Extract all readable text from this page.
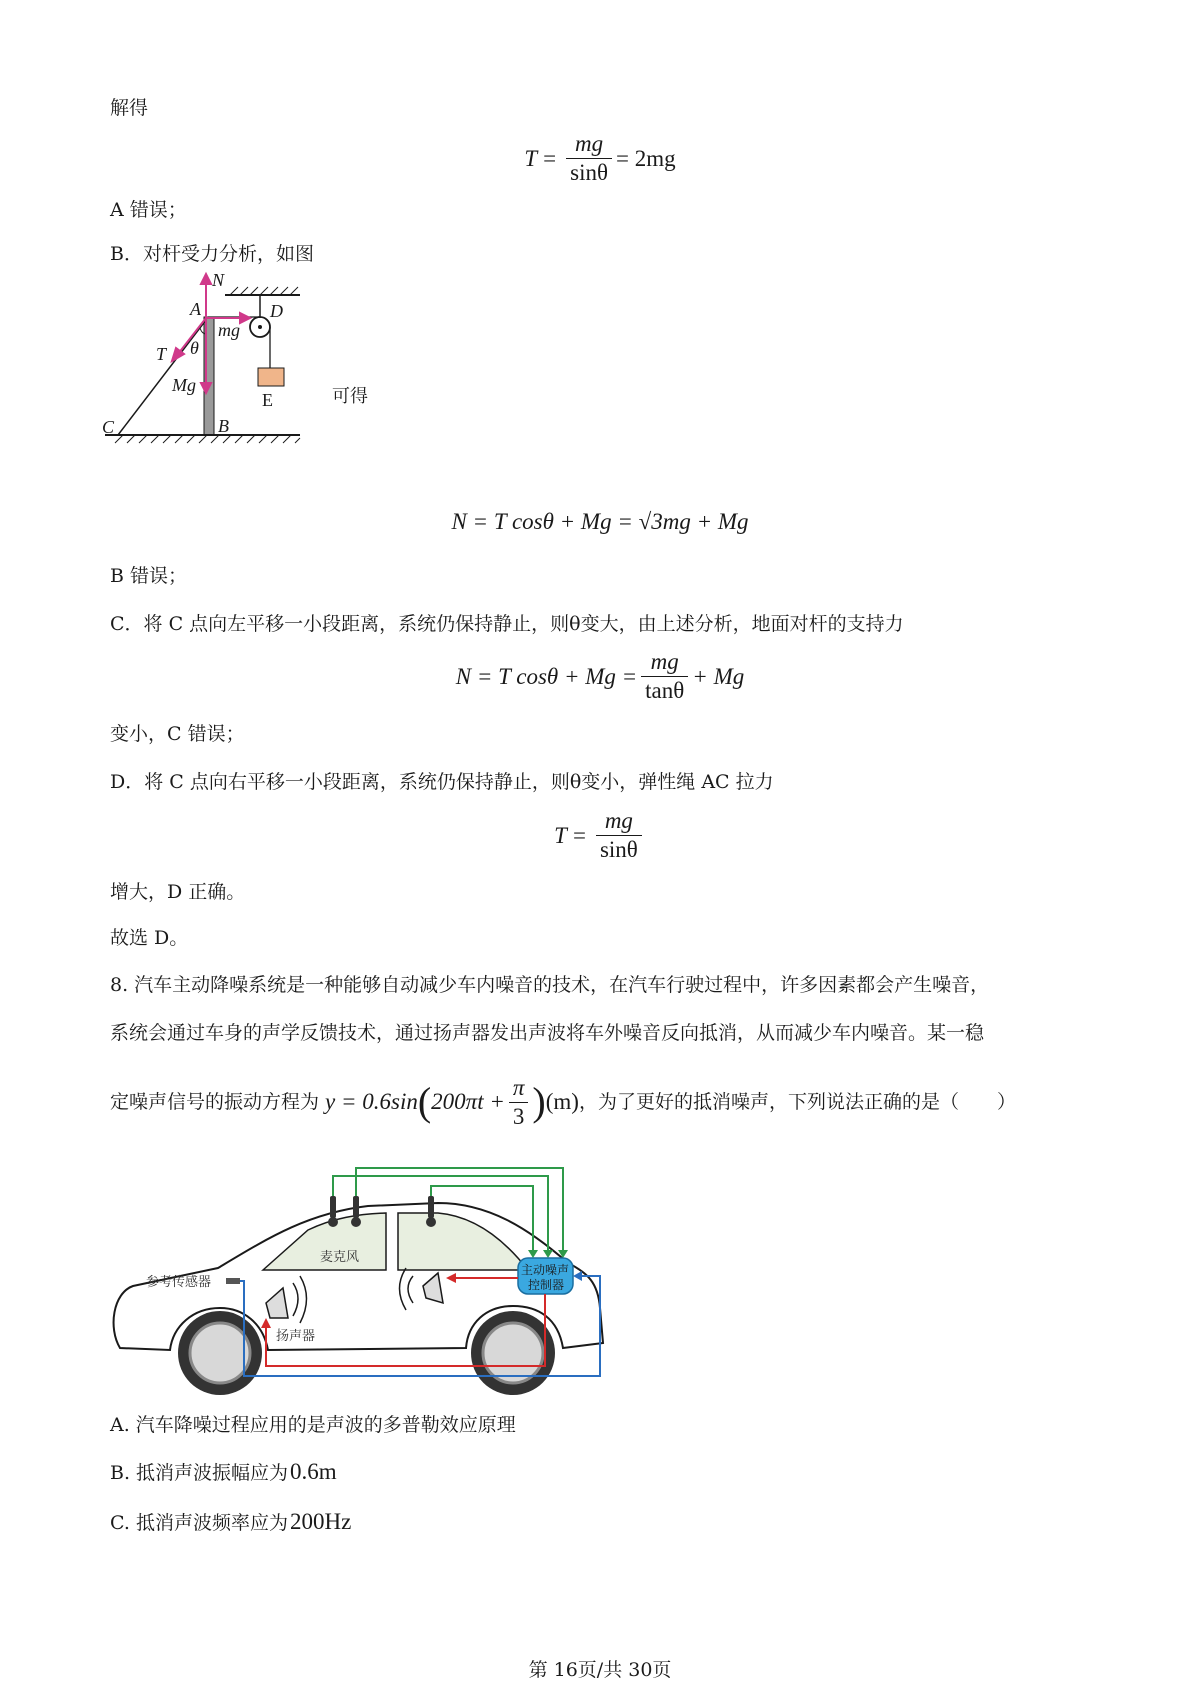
解得
$T = \frac{mg}{\sin\theta} = 2mg$
A 错误；
B．对杆受力分析，如图
N
A	D
mg
T θ
Mg
C	B
E	可得
N = T cosθ + Mg = √3mg + Mg
B 错误；
C．将 C 点向左平移一小段距离，系统仍保持静止，则θ变大，由上述分析，地面对杆的支持力
N = T $\cos\theta + Mg = \frac{mg}{\tan\theta} + Mg$
变小，C 错误；
D．将 C 点向右平移一小段距离，系统仍保持静止，则θ变小，弹性绳 AC 拉力
$T = \frac{mg}{\sin\theta}$
增大，D 正确。
故选 D。
8. 汽车主动降噪系统是一种能够自动减少车内噪音的技术，在汽车行驶过程中，许多因素都会产生噪音，
系统会通过车身的声学反馈技术，通过扬声器发出声波将车外噪音反向抵消，从而减少车内噪音。某一稳
定噪声信号的振动方程为 y = 0.6sin ( $200\pi t + \frac{\pi}{3}$ ) (m) ，为了更好的抵消噪声，下列说法正确的是（　　）
麦克风
主动噪声
控制器
扬声器
参考传感器
A. 汽车降噪过程应用的是声波的多普勒效应原理
B. 抵消声波振幅应为0.6m
C. 抵消声波频率应为200Hz
第 16页/共 30页
